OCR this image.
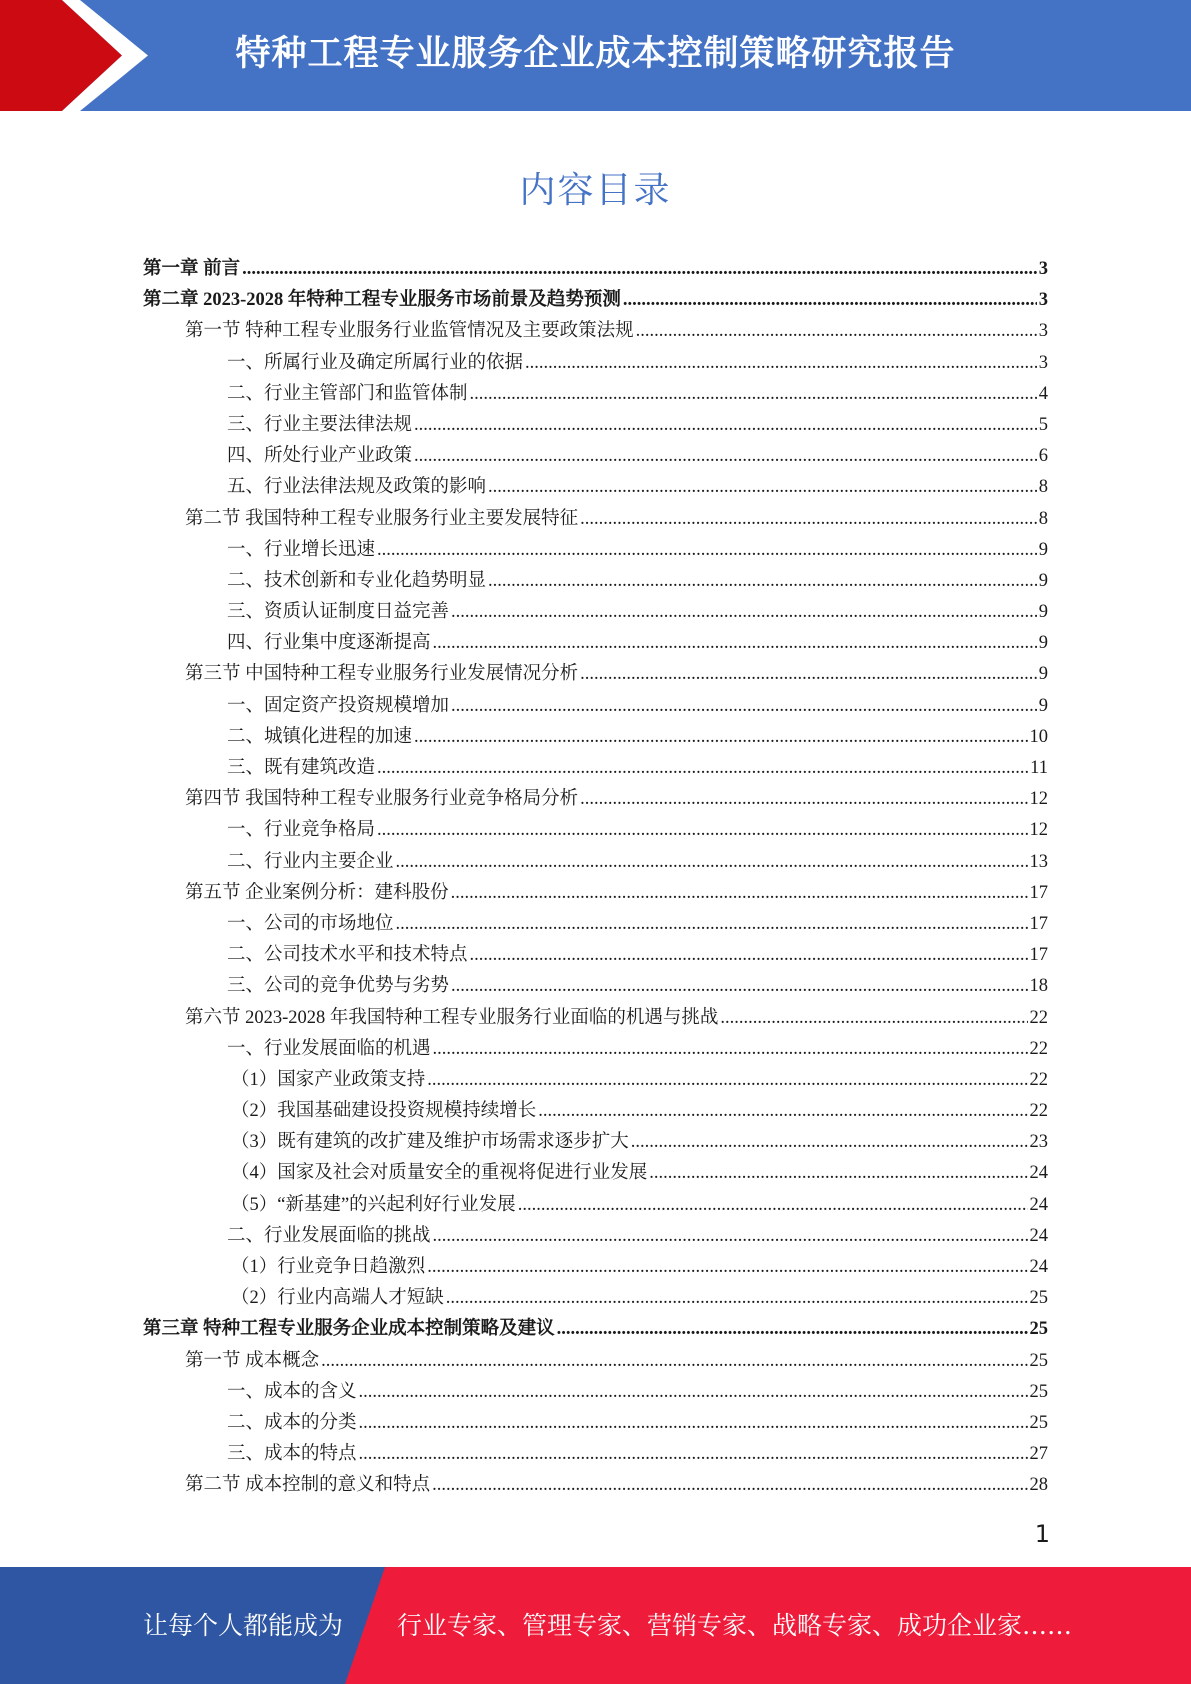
特种工程专业服务企业成本控制策略研究报告
内容目录
第一章 前言 .....	3
第二章 2023-2028 年特种工程专业服务市场前景及趋势预测 .....	3
第一节 特种工程专业服务行业监管情况及主要政策法规 .....	3
一、所属行业及确定所属行业的依据 .....	3
二、行业主管部门和监管体制 .....	4
三、行业主要法律法规 .....	5
四、所处行业产业政策 .....	6
五、行业法律法规及政策的影响 .....	8
第二节 我国特种工程专业服务行业主要发展特征 .....	8
一、行业增长迅速 .....	9
二、技术创新和专业化趋势明显 .....	9
三、资质认证制度日益完善 .....	9
四、行业集中度逐渐提高 .....	9
第三节 中国特种工程专业服务行业发展情况分析 .....	9
一、固定资产投资规模增加 .....	9
二、城镇化进程的加速 .....	10
三、既有建筑改造 .....	11
第四节 我国特种工程专业服务行业竞争格局分析 .....	12
一、行业竞争格局 .....	12
二、行业内主要企业 .....	13
第五节 企业案例分析：建科股份 .....	17
一、公司的市场地位 .....	17
二、公司技术水平和技术特点 .....	17
三、公司的竞争优势与劣势 .....	18
第六节 2023-2028 年我国特种工程专业服务行业面临的机遇与挑战 .....	22
一、行业发展面临的机遇 .....	22
（1）国家产业政策支持 .....	22
（2）我国基础建设投资规模持续增长 .....	22
（3）既有建筑的改扩建及维护市场需求逐步扩大 .....	23
（4）国家及社会对质量安全的重视将促进行业发展 .....	24
（5）“新基建”的兴起利好行业发展 .....	24
二、行业发展面临的挑战 .....	24
（1）行业竞争日趋激烈 .....	24
（2）行业内高端人才短缺 .....	25
第三章 特种工程专业服务企业成本控制策略及建议 .....	25
第一节 成本概念 .....	25
一、成本的含义 .....	25
二、成本的分类 .....	25
三、成本的特点 .....	27
第二节 成本控制的意义和特点 .....	28
1
让每个人都能成为 行业专家、管理专家、营销专家、战略专家、成功企业家……
